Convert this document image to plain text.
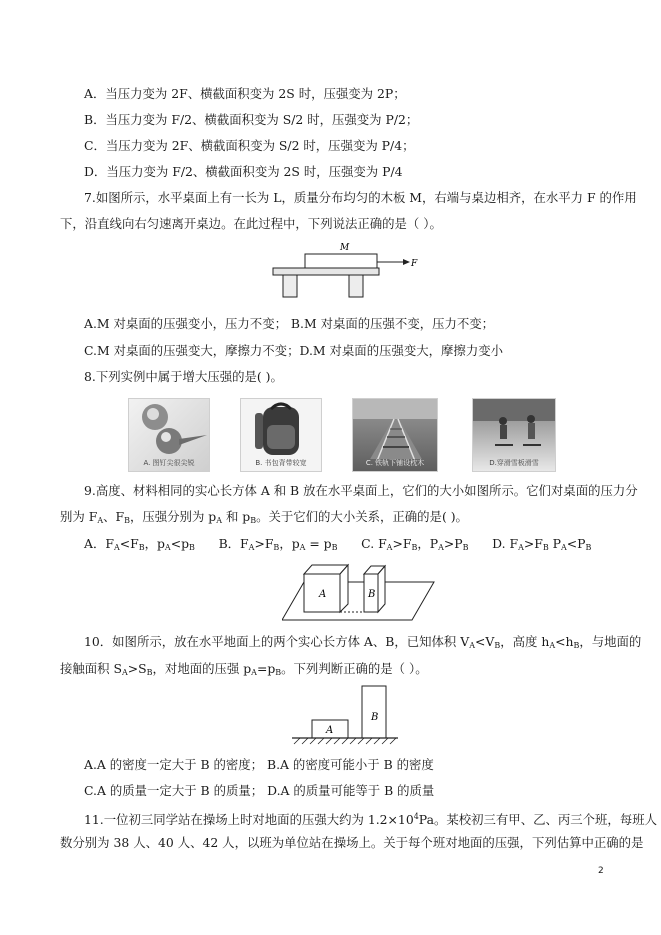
A．当压力变为 2F、横截面积变为 2S 时，压强变为 2P；
B．当压力变为 F/2、横截面积变为 S/2 时，压强变为 P/2；
C．当压力变为 2F、横截面积变为 S/2 时，压强变为 P/4；
D．当压力变为 F/2、横截面积变为 2S 时，压强变为 P/4
7.如图所示，水平桌面上有一长为 L，质量分布均匀的木板 M，右端与桌边相齐，在水平力 F 的作用
下，沿直线向右匀速离开桌边。在此过程中，下列说法正确的是（ ）。
M
F
A.M 对桌面的压强变小，压力不变； B.M 对桌面的压强不变，压力不变；
C.M 对桌面的压强变大，摩擦力不变；D.M 对桌面的压强变大，摩擦力变小
8.下列实例中属于增大压强的是( )。
A. 图钉尖很尖锐	B. 书包背带较宽	C. 铁轨下铺设枕木	D.穿滑雪板滑雪
9.高度、材料相同的实心长方体 A 和 B 放在水平桌面上，它们的大小如图所示。它们对桌面的压力分
别为 $F_A$、$F_B$，压强分别为 $p_A$ 和 $p_B$。关于它们的大小关系，正确的是( )。
A．$F_A<F_B$，$p_A<p_B$ B．$F_A>F_B$，$p_A = p_B$ C. $F_A>F_B$，$P_A>P_B$ D. $F_A>F_B$ $P_A<P_B$
A	B
10．如图所示，放在水平地面上的两个实心长方体 A、B，已知体积 $V_A<V_B$，高度 $h_A<h_B$，与地面的
接触面积 $S_A>S_B$，对地面的压强 $p_A=p_B$。下列判断正确的是（ ）。
A
B
A.A 的密度一定大于 B 的密度； B.A 的密度可能小于 B 的密度
C.A 的质量一定大于 B 的质量； D.A 的质量可能等于 B 的质量
11.一位初三同学站在操场上时对地面的压强大约为 $1.2\times 10^4Pa$。某校初三有甲、乙、丙三个班，每班人
数分别为 38 人、40 人、42 人，以班为单位站在操场上。关于每个班对地面的压强，下列估算中正确的是
2
